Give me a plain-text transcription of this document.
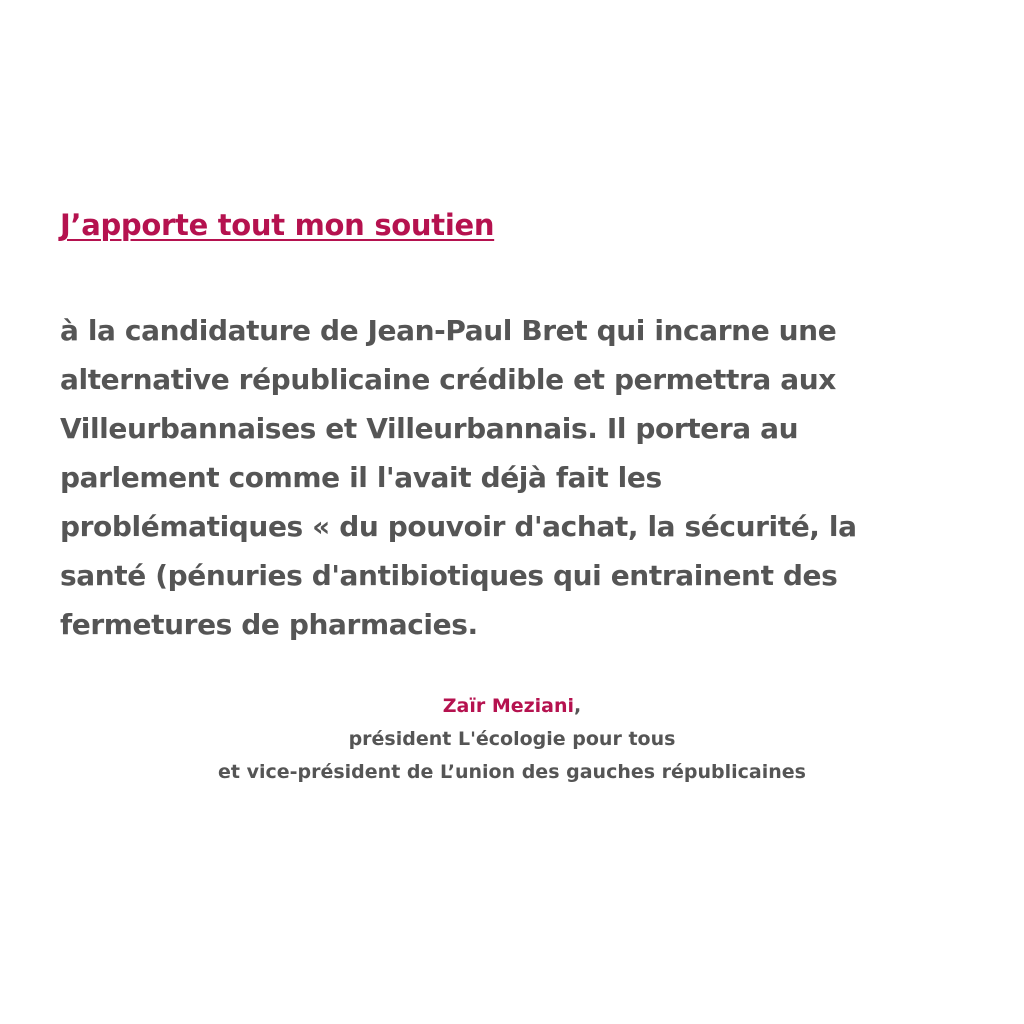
J’apporte tout mon soutien

à la candidature de Jean-Paul Bret qui incarne une
alternative républicaine crédible et permettra aux
Villeurbannaises et Villeurbannais. Il portera au
parlement comme il l'avait déjà fait les
problématiques « du pouvoir d'achat, la sécurité, la
santé (pénuries d'antibiotiques qui entrainent des
fermetures de pharmacies.

Zaïr Meziani,
président L'écologie pour tous
et vice-président de L’union des gauches républicaines
